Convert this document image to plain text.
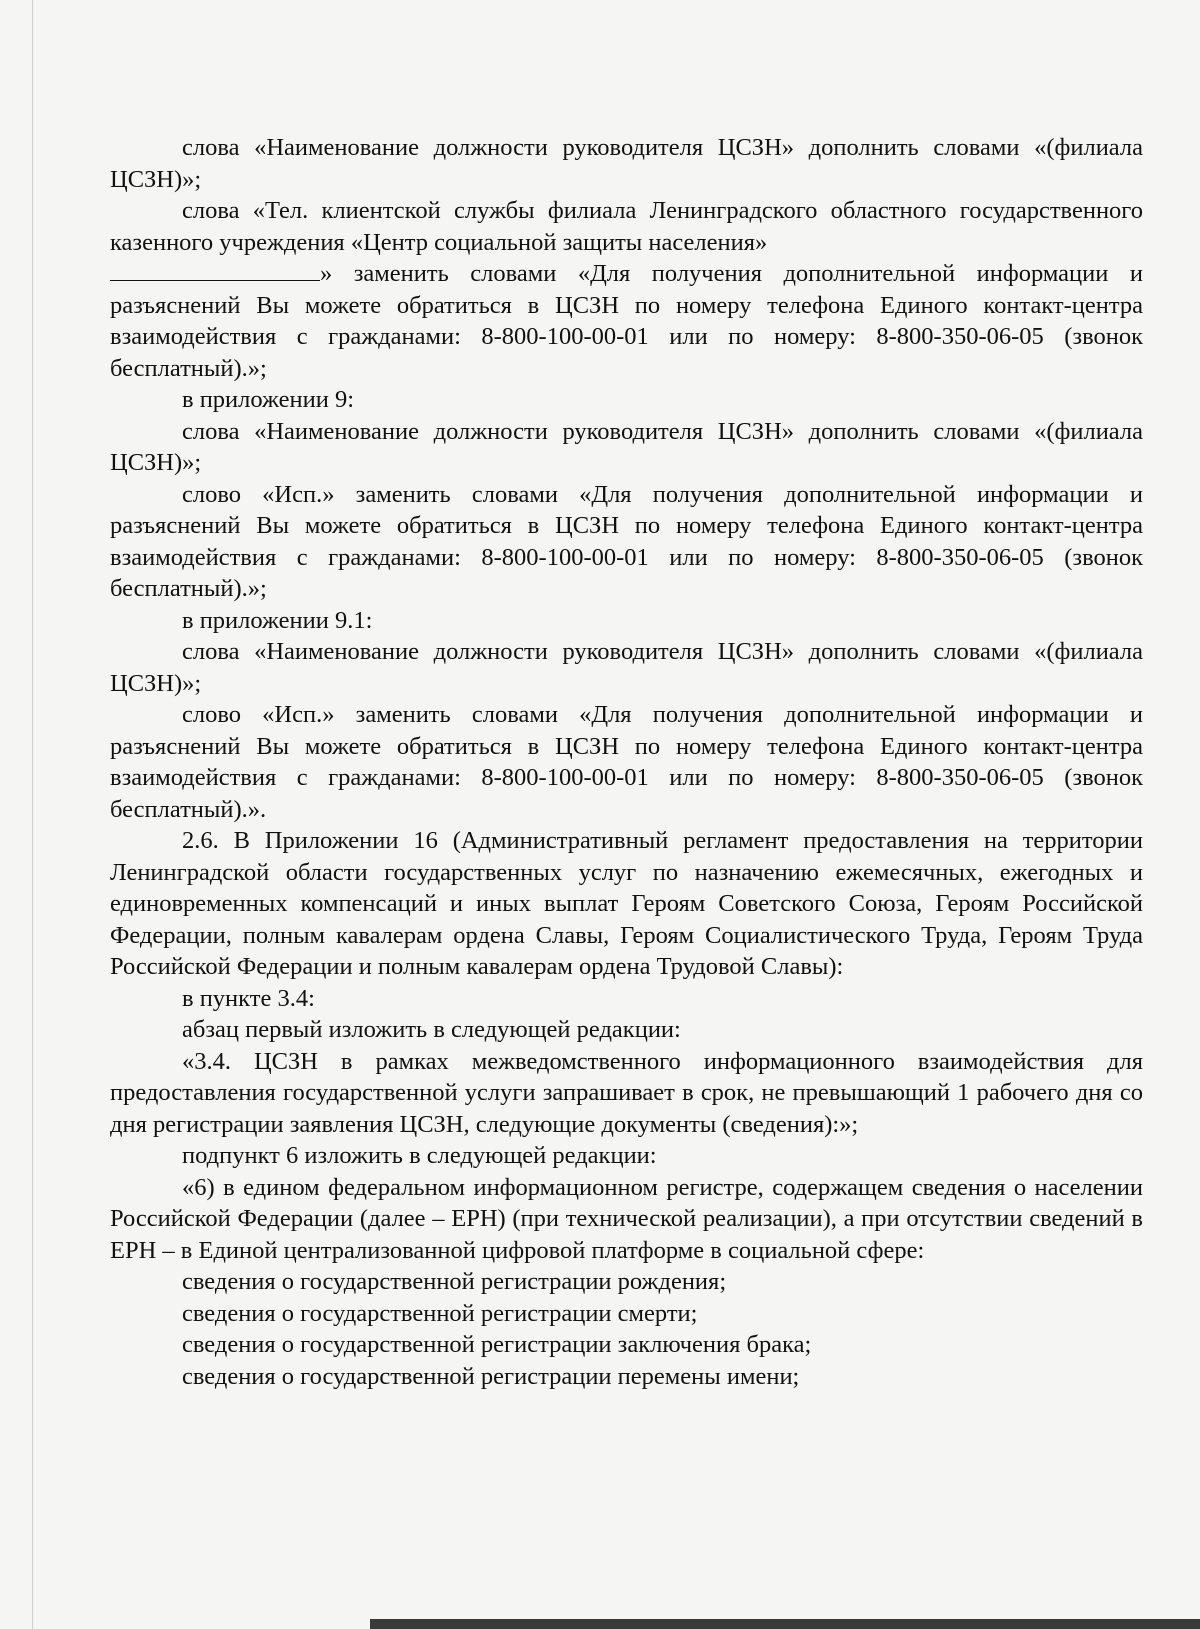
слова «Наименование должности руководителя ЦСЗН» дополнить словами «(филиала ЦСЗН)»;

слова «Тел. клиентской службы филиала Ленинградского областного государственного казенного учреждения «Центр социальной защиты населения»

» заменить словами «Для получения дополнительной информации и разъяснений Вы можете обратиться в ЦСЗН по номеру телефона Единого контакт-центра взаимодействия с гражданами: 8-800-100-00-01 или по номеру: 8-800-350-06-05 (звонок бесплатный).»;

в приложении 9:

слова «Наименование должности руководителя ЦСЗН» дополнить словами «(филиала ЦСЗН)»;

слово «Исп.» заменить словами «Для получения дополнительной информации и разъяснений Вы можете обратиться в ЦСЗН по номеру телефона Единого контакт-центра взаимодействия с гражданами: 8-800-100-00-01 или по номеру: 8-800-350-06-05 (звонок бесплатный).»;

в приложении 9.1:

слова «Наименование должности руководителя ЦСЗН» дополнить словами «(филиала ЦСЗН)»;

слово «Исп.» заменить словами «Для получения дополнительной информации и разъяснений Вы можете обратиться в ЦСЗН по номеру телефона Единого контакт-центра взаимодействия с гражданами: 8-800-100-00-01 или по номеру: 8-800-350-06-05 (звонок бесплатный).».

2.6. В Приложении 16 (Административный регламент предоставления на территории Ленинградской области государственных услуг по назначению ежемесячных, ежегодных и единовременных компенсаций и иных выплат Героям Советского Союза, Героям Российской Федерации, полным кавалерам ордена Славы, Героям Социалистического Труда, Героям Труда Российской Федерации и полным кавалерам ордена Трудовой Славы):

в пункте 3.4:

абзац первый изложить в следующей редакции:

«3.4. ЦСЗН в рамках межведомственного информационного взаимодействия для предоставления государственной услуги запрашивает в срок, не превышающий 1 рабочего дня со дня регистрации заявления ЦСЗН, следующие документы (сведения):»;

подпункт 6 изложить в следующей редакции:

«6) в едином федеральном информационном регистре, содержащем сведения о населении Российской Федерации (далее – ЕРН) (при технической реализации), а при отсутствии сведений в ЕРН – в Единой централизованной цифровой платформе в социальной сфере:

сведения о государственной регистрации рождения;

сведения о государственной регистрации смерти;

сведения о государственной регистрации заключения брака;

сведения о государственной регистрации перемены имени;
